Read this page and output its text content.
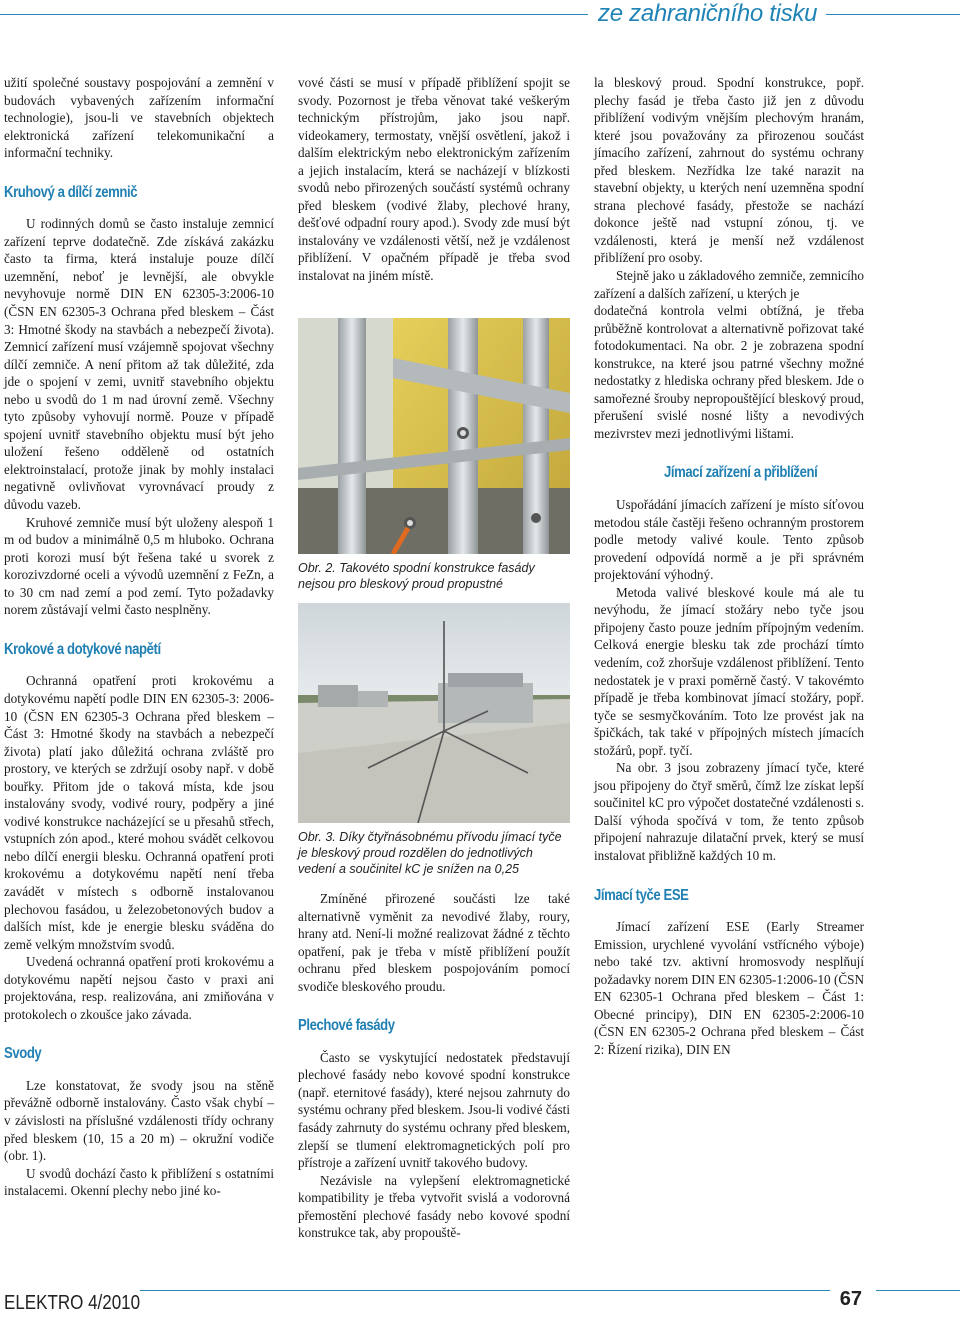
ze zahraničního tisku

užití společné soustavy pospojování a zemnění v budovách vybavených zařízením informační technologie), jsou-li ve stavebních objektech elektronická zařízení telekomunikační a informační techniky.

Kruhový a dílčí zemnič

U rodinných domů se často instaluje zemnicí zařízení teprve dodatečně. Zde získává zakázku často ta firma, která instaluje pouze dílčí uzemnění, neboť je levnější, ale obvykle nevyhovuje normě DIN EN 62305-3:2006-10 (ČSN EN 62305-3 Ochrana před bleskem – Část 3: Hmotné škody na stavbách a nebezpečí života). Zemnicí zařízení musí vzájemně spojovat všechny dílčí zemniče. A není přitom až tak důležité, zda jde o spojení v zemi, uvnitř stavebního objektu nebo u svodů do 1 m nad úrovní země. Všechny tyto způsoby vyhovují normě. Pouze v případě spojení uvnitř stavebního objektu musí být jeho uložení řešeno odděleně od ostatních elektroinstalací, protože jinak by mohly instalaci negativně ovlivňovat vyrovnávací proudy z důvodu vazeb.

Kruhové zemniče musí být uloženy alespoň 1 m od budov a minimálně 0,5 m hluboko. Ochrana proti korozi musí být řešena také u svorek z korozivzdorné oceli a vývodů uzemnění z FeZn, a to 30 cm nad zemí a pod zemí. Tyto požadavky norem zůstávají velmi často nesplněny.

Krokové a dotykové napětí

Ochranná opatření proti krokovému a dotykovému napětí podle DIN EN 62305-3: 2006-10 (ČSN EN 62305-3 Ochrana před bleskem – Část 3: Hmotné škody na stavbách a nebezpečí života) platí jako důležitá ochrana zvláště pro prostory, ve kterých se zdržují osoby např. v době bouřky. Přitom jde o taková místa, kde jsou instalovány svody, vodivé roury, podpěry a jiné vodivé konstrukce nacházející se u přesahů střech, vstupních zón apod., které mohou svádět celkovou nebo dílčí energii blesku. Ochranná opatření proti krokovému a dotykovému napětí není třeba zavádět v místech s odborně instalovanou plechovou fasádou, u železobetonových budov a dalších míst, kde je energie blesku sváděna do země velkým množstvím svodů.

Uvedená ochranná opatření proti krokovému a dotykovému napětí nejsou často v praxi ani projektována, resp. realizována, ani zmiňována v protokolech o zkoušce jako závada.

Svody

Lze konstatovat, že svody jsou na stěně převážně odborně instalovány. Často však chybí – v závislosti na příslušné vzdálenosti třídy ochrany před bleskem (10, 15 a 20 m) – okružní vodiče (obr. 1).

U svodů dochází často k přiblížení s ostatními instalacemi. Okenní plechy nebo jiné ko-

vové části se musí v případě přiblížení spojit se svody. Pozornost je třeba věnovat také veškerým technickým přístrojům, jako jsou např. videokamery, termostaty, vnější osvětlení, jakož i dalším elektrickým nebo elektronickým zařízením a jejich instalacím, která se nacházejí v blízkosti svodů nebo přirozených součástí systémů ochrany před bleskem (vodivé žlaby, plechové hrany, dešťové odpadní roury apod.). Svody zde musí být instalovány ve vzdálenosti větší, než je vzdálenost přiblížení. V opačném případě je třeba svod instalovat na jiném místě.

Obr. 2. Takovéto spodní konstrukce fasády nejsou pro bleskový proud propustné
Obr. 3. Díky čtyřnásobnému přívodu jímací tyče je bleskový proud rozdělen do jednotlivých vedení a součinitel kC je snížen na 0,25

Zmíněné přirozené součásti lze také alternativně vyměnit za nevodivé žlaby, roury, hrany atd. Není-li možné realizovat žádné z těchto opatření, pak je třeba v místě přiblížení použít ochranu před bleskem pospojováním pomocí svodiče bleskového proudu.

Plechové fasády

Často se vyskytující nedostatek představují plechové fasády nebo kovové spodní konstrukce (např. eternitové fasády), které nejsou zahrnuty do systému ochrany před bleskem. Jsou-li vodivé části fasády zahrnuty do systému ochrany před bleskem, zlepší se tlumení elektromagnetických polí pro přístroje a zařízení uvnitř takového budovy.

Nezávisle na vylepšení elektromagnetické kompatibility je třeba vytvořit svislá a vodorovná přemostění plechové fasády nebo kovové spodní konstrukce tak, aby propouště-

la bleskový proud. Spodní konstrukce, popř. plechy fasád je třeba často již jen z důvodu přiblížení vodivým vnějším plechovým hranám, které jsou považovány za přirozenou součást jímacího zařízení, zahrnout do systému ochrany před bleskem. Nezřídka lze také narazit na stavební objekty, u kterých není uzemněna spodní strana plechové fasády, přestože se nachází dokonce ještě nad vstupní zónou, tj. ve vzdálenosti, která je menší než vzdálenost přiblížení pro osoby.

Stejně jako u základového zemniče, zemnicího zařízení a dalších zařízení, u kterých je

dodatečná kontrola velmi obtížná, je třeba průběžně kontrolovat a alternativně pořizovat také fotodokumentaci. Na obr. 2 je zobrazena spodní konstrukce, na které jsou patrné všechny možné nedostatky z hlediska ochrany před bleskem. Jde o samořezné šrouby nepropouštějící bleskový proud, přerušení svislé nosné lišty a nevodivých mezivrstev mezi jednotlivými lištami.

Jímací zařízení a přiblížení

Uspořádání jímacích zařízení je místo síťovou metodou stále častěji řešeno ochranným prostorem podle metody valivé koule. Tento způsob provedení odpovídá normě a je při správném projektování výhodný.

Metoda valivé bleskové koule má ale tu nevýhodu, že jímací stožáry nebo tyče jsou připojeny často pouze jedním přípojným vedením. Celková energie blesku tak zde prochází tímto vedením, což zhoršuje vzdálenost přiblížení. Tento nedostatek je v praxi poměrně častý. V takovémto případě je třeba kombinovat jímací stožáry, popř. tyče se sesmyčkováním. Toto lze provést jak na špičkách, tak také v přípojných místech jímacích stožárů, popř. tyčí.

Na obr. 3 jsou zobrazeny jímací tyče, které jsou připojeny do čtyř směrů, čímž lze získat lepší součinitel kC pro výpočet dostatečné vzdálenosti s. Další výhoda spočívá v tom, že tento způsob připojení nahrazuje dilatační prvek, který se musí instalovat přibližně každých 10 m.

Jímací tyče ESE

Jímací zařízení ESE (Early Streamer Emission, urychlené vyvolání vstřícného výboje) nebo také tzv. aktivní hromosvody nesplňují požadavky norem DIN EN 62305-1:2006-10 (ČSN EN 62305-1 Ochrana před bleskem – Část 1: Obecné principy), DIN EN 62305-2:2006-10 (ČSN EN 62305-2 Ochrana před bleskem – Část 2: Řízení rizika), DIN EN

ELEKTRO 4/2010	67
